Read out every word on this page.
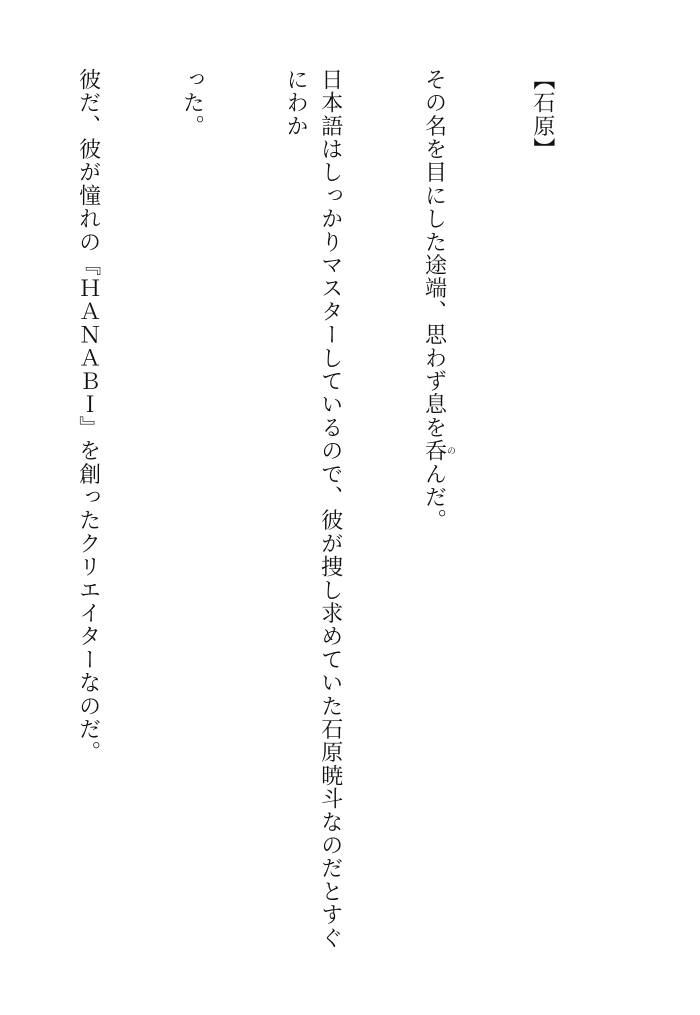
【石原】

その名を目にした途端、思わず息を呑のんだ。

日本語はしっかりマスターしているので、彼が捜し求めていた石原暁斗なのだとすぐにわか

った。

彼だ、彼が憧れの『ＨＡＮＡＢＩ』を創ったクリエイターなのだ。
